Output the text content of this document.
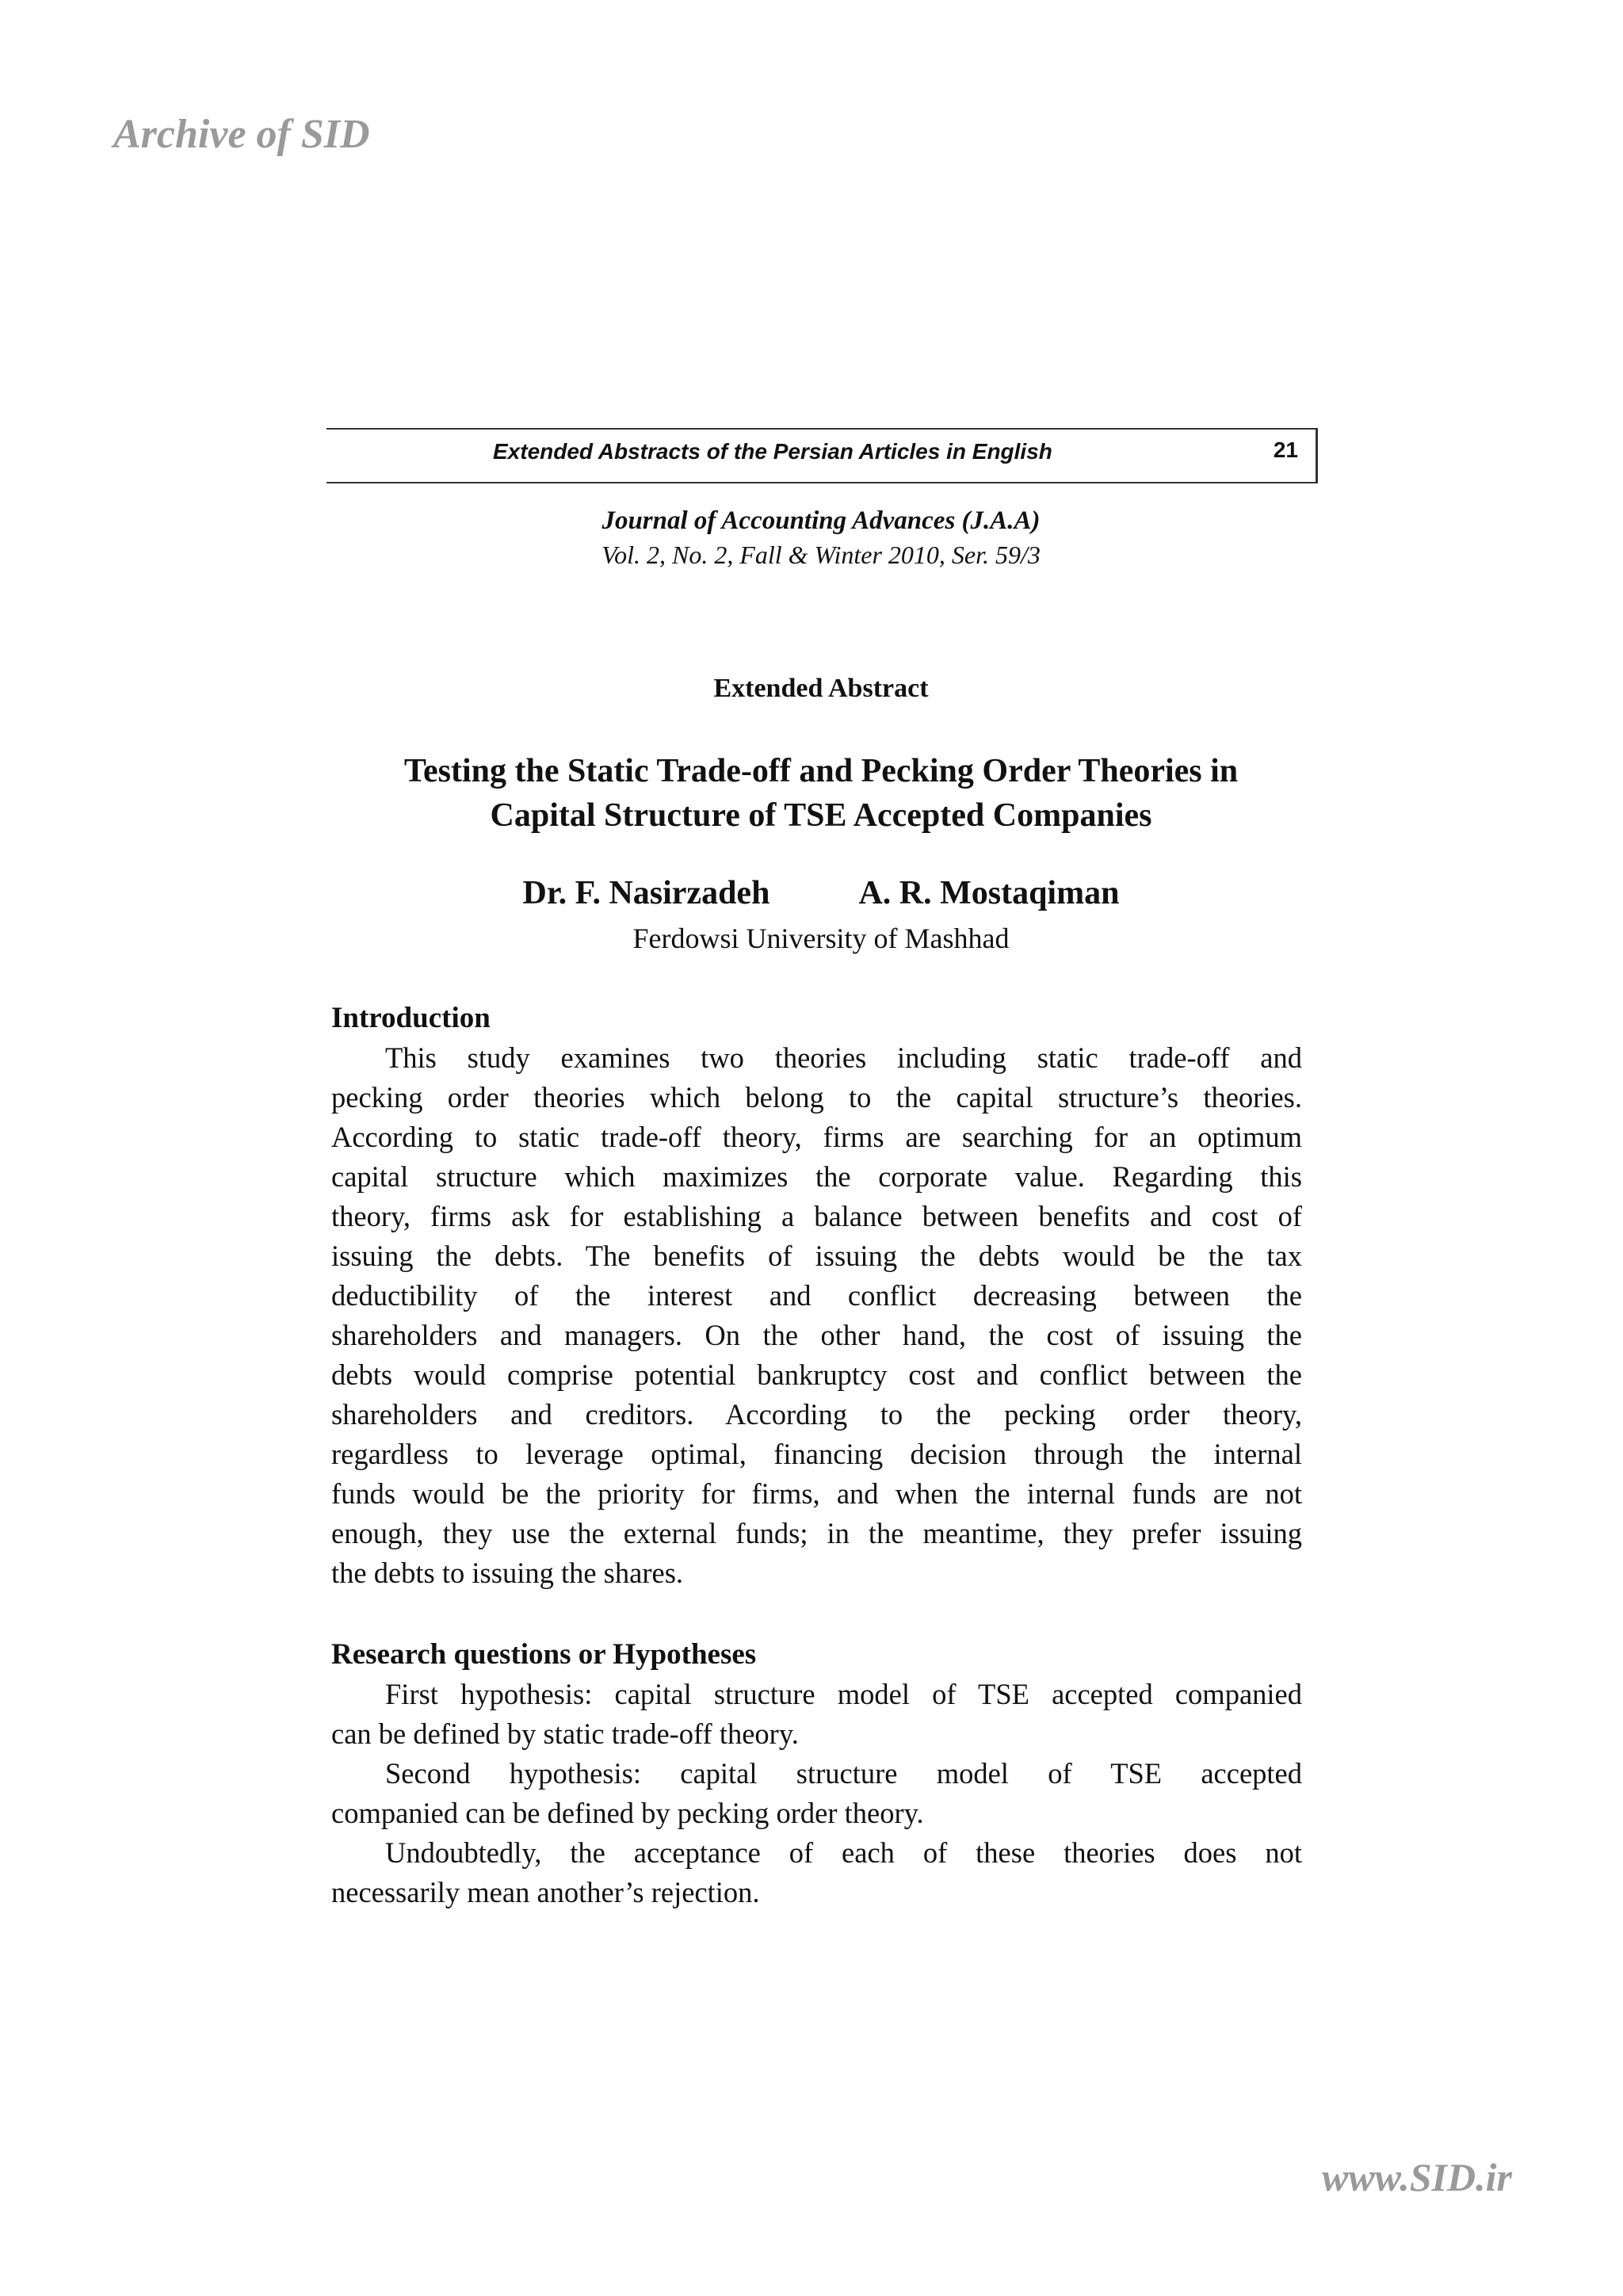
Archive of SID
Extended Abstracts of the Persian Articles in English	21
Journal of Accounting Advances (J.A.A)
Vol. 2, No. 2, Fall & Winter 2010, Ser. 59/3
Extended Abstract
Testing the Static Trade-off and Pecking Order Theories in
Capital Structure of TSE Accepted Companies
Dr. F. Nasirzadeh	A. R. Mostaqiman
Ferdowsi University of Mashhad
Introduction
This study examines two theories including static trade-off and
pecking order theories which belong to the capital structure’s theories.
According to static trade-off theory, firms are searching for an optimum
capital structure which maximizes the corporate value. Regarding this
theory, firms ask for establishing a balance between benefits and cost of
issuing the debts. The benefits of issuing the debts would be the tax
deductibility of the interest and conflict decreasing between the
shareholders and managers. On the other hand, the cost of issuing the
debts would comprise potential bankruptcy cost and conflict between the
shareholders and creditors. According to the pecking order theory,
regardless to leverage optimal, financing decision through the internal
funds would be the priority for firms, and when the internal funds are not
enough, they use the external funds; in the meantime, they prefer issuing
the debts to issuing the shares.
Research questions or Hypotheses
First hypothesis: capital structure model of TSE accepted companied
can be defined by static trade-off theory.
Second hypothesis: capital structure model of TSE accepted
companied can be defined by pecking order theory.
Undoubtedly, the acceptance of each of these theories does not
necessarily mean another’s rejection.
www.SID.ir
